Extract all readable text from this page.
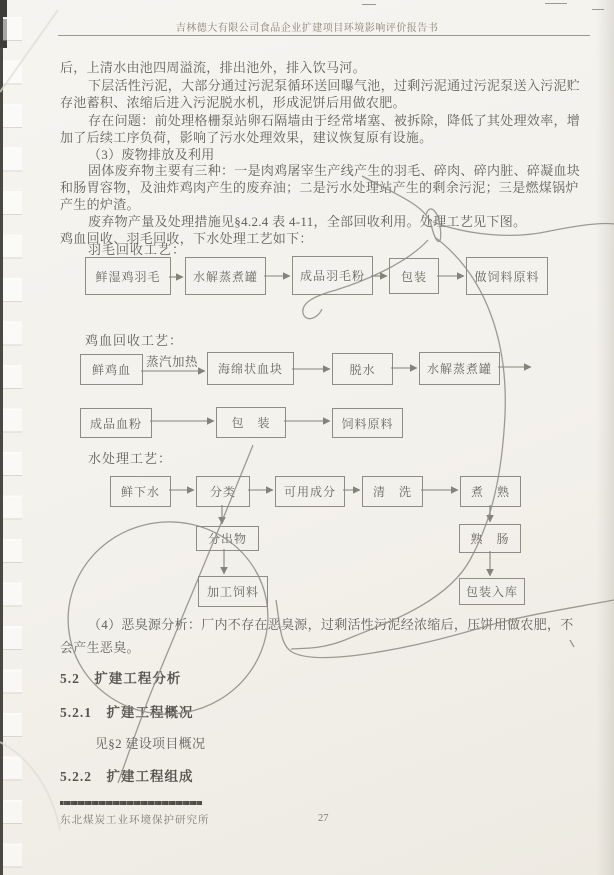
吉林德大有限公司食品企业扩建项目环境影响评价报告书
后，上清水由池四周溢流，排出池外，排入饮马河。
下层活性污泥，大部分通过污泥泵循环送回曝气池，过剩污泥通过污泥泵送入污泥贮
存池蓄积、浓缩后进入污泥脱水机，形成泥饼后用做农肥。
存在问题：前处理格栅泵站卵石隔墙由于经常堵塞、被拆除，降低了其处理效率，增
加了后续工序负荷，影响了污水处理效果，建议恢复原有设施。
（3）废物排放及利用
固体废弃物主要有三种：一是肉鸡屠宰生产线产生的羽毛、碎肉、碎内脏、碎凝血块
和肠胃容物，及油炸鸡肉产生的废弃油；二是污水处理站产生的剩余污泥；三是燃煤锅炉
产生的炉渣。
废弃物产量及处理措施见§4.2.4 表 4-11，全部回收利用。处理工艺见下图。
鸡血回收、羽毛回收，下水处理工艺如下：
羽毛回收工艺：
鲜湿鸡羽毛	水解蒸煮罐	成品羽毛粉	包装	做饲料原料
鸡血回收工艺：
蒸汽加热
鲜鸡血	海绵状血块	脱水	水解蒸煮罐
成品血粉	包　装	饲料原料
水处理工艺：
鲜下水	分类	可用成分	清　洗	煮　熟
分出物
加工饲料
熟　肠
包装入库
（4）恶臭源分析：厂内不存在恶臭源，过剩活性污泥经浓缩后，压饼用做农肥，不
会产生恶臭。
5.2　扩建工程分析
5.2.1　扩建工程概况
见§2 建设项目概况
5.2.2　扩建工程组成
东北煤炭工业环境保护研究所	27
